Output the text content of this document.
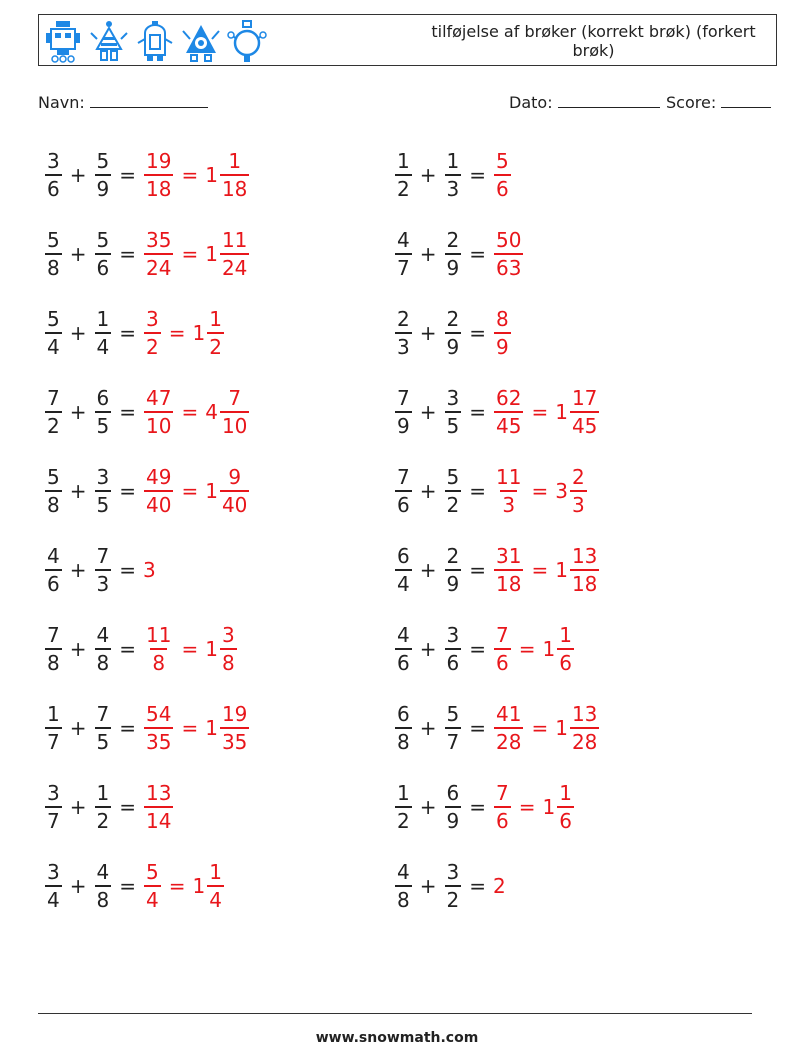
tilføjelse af brøker (korrekt brøk) (forkert brøk)
Navn:	Dato:	Score:
$\frac{3}{6} + \frac{5}{9} = \frac{19}{18} = 1 \frac{1}{18}$	$\frac{1}{2} + \frac{1}{3} = \frac{5}{6}$
$\frac{5}{8} + \frac{5}{6} = \frac{35}{24} = 1 \frac{11}{24}$	$\frac{4}{7} + \frac{2}{9} = \frac{50}{63}$
$\frac{5}{4} + \frac{1}{4} = \frac{3}{2} = 1 \frac{1}{2}$	$\frac{2}{3} + \frac{2}{9} = \frac{8}{9}$
$\frac{7}{2} + \frac{6}{5} = \frac{47}{10} = 4 \frac{7}{10}$	$\frac{7}{9} + \frac{3}{5} = \frac{62}{45} = 1 \frac{17}{45}$
$\frac{5}{8} + \frac{3}{5} = \frac{49}{40} = 1 \frac{9}{40}$	$\frac{7}{6} + \frac{5}{2} = \frac{11}{3} = 3 \frac{2}{3}$
$\frac{4}{6} + \frac{7}{3} = 3$	$\frac{6}{4} + \frac{2}{9} = \frac{31}{18} = 1 \frac{13}{18}$
$\frac{7}{8} + \frac{4}{8} = \frac{11}{8} = 1 \frac{3}{8}$	$\frac{4}{6} + \frac{3}{6} = \frac{7}{6} = 1 \frac{1}{6}$
$\frac{1}{7} + \frac{7}{5} = \frac{54}{35} = 1 \frac{19}{35}$	$\frac{6}{8} + \frac{5}{7} = \frac{41}{28} = 1 \frac{13}{28}$
$\frac{3}{7} + \frac{1}{2} = \frac{13}{14}$	$\frac{1}{2} + \frac{6}{9} = \frac{7}{6} = 1 \frac{1}{6}$
$\frac{3}{4} + \frac{4}{8} = \frac{5}{4} = 1 \frac{1}{4}$	$\frac{4}{8} + \frac{3}{2} = 2$
www.snowmath.com
